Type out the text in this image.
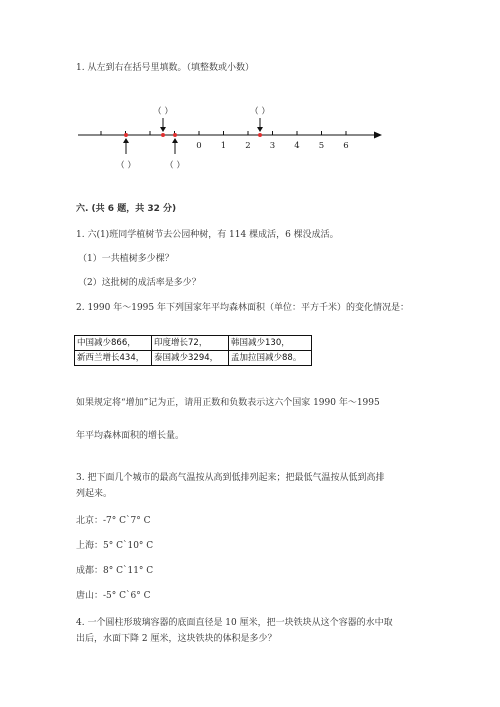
1. 从左到右在括号里填数。（填整数或小数）
0 1 2 3 4 5 6
（ ）	（ ）
（ ）	（ ）
六. (共 6 题，共 32 分)
1. 六(1)班同学植树节去公园种树，有 114 棵成活，6 棵没成活。
（1）一共植树多少棵？
（2）这批树的成活率是多少？
2. 1990 年～1995 年下列国家年平均森林面积（单位：平方千米）的变化情况是：
中国减少866，	印度增长72，	韩国减少130，
新西兰增长434，	泰国减少3294，	孟加拉国减少88。
如果规定将“增加”记为正，请用正数和负数表示这六个国家 1990 年～1995
年平均森林面积的增长量。
3. 把下面几个城市的最高气温按从高到低排列起来；把最低气温按从低到高排
列起来。
北京：-7° C`7° C
上海：5° C`10° C
成都：8° C`11° C
唐山：-5° C`6° C
4. 一个圆柱形玻璃容器的底面直径是 10 厘米，把一块铁块从这个容器的水中取
出后，水面下降 2 厘米，这块铁块的体积是多少？
